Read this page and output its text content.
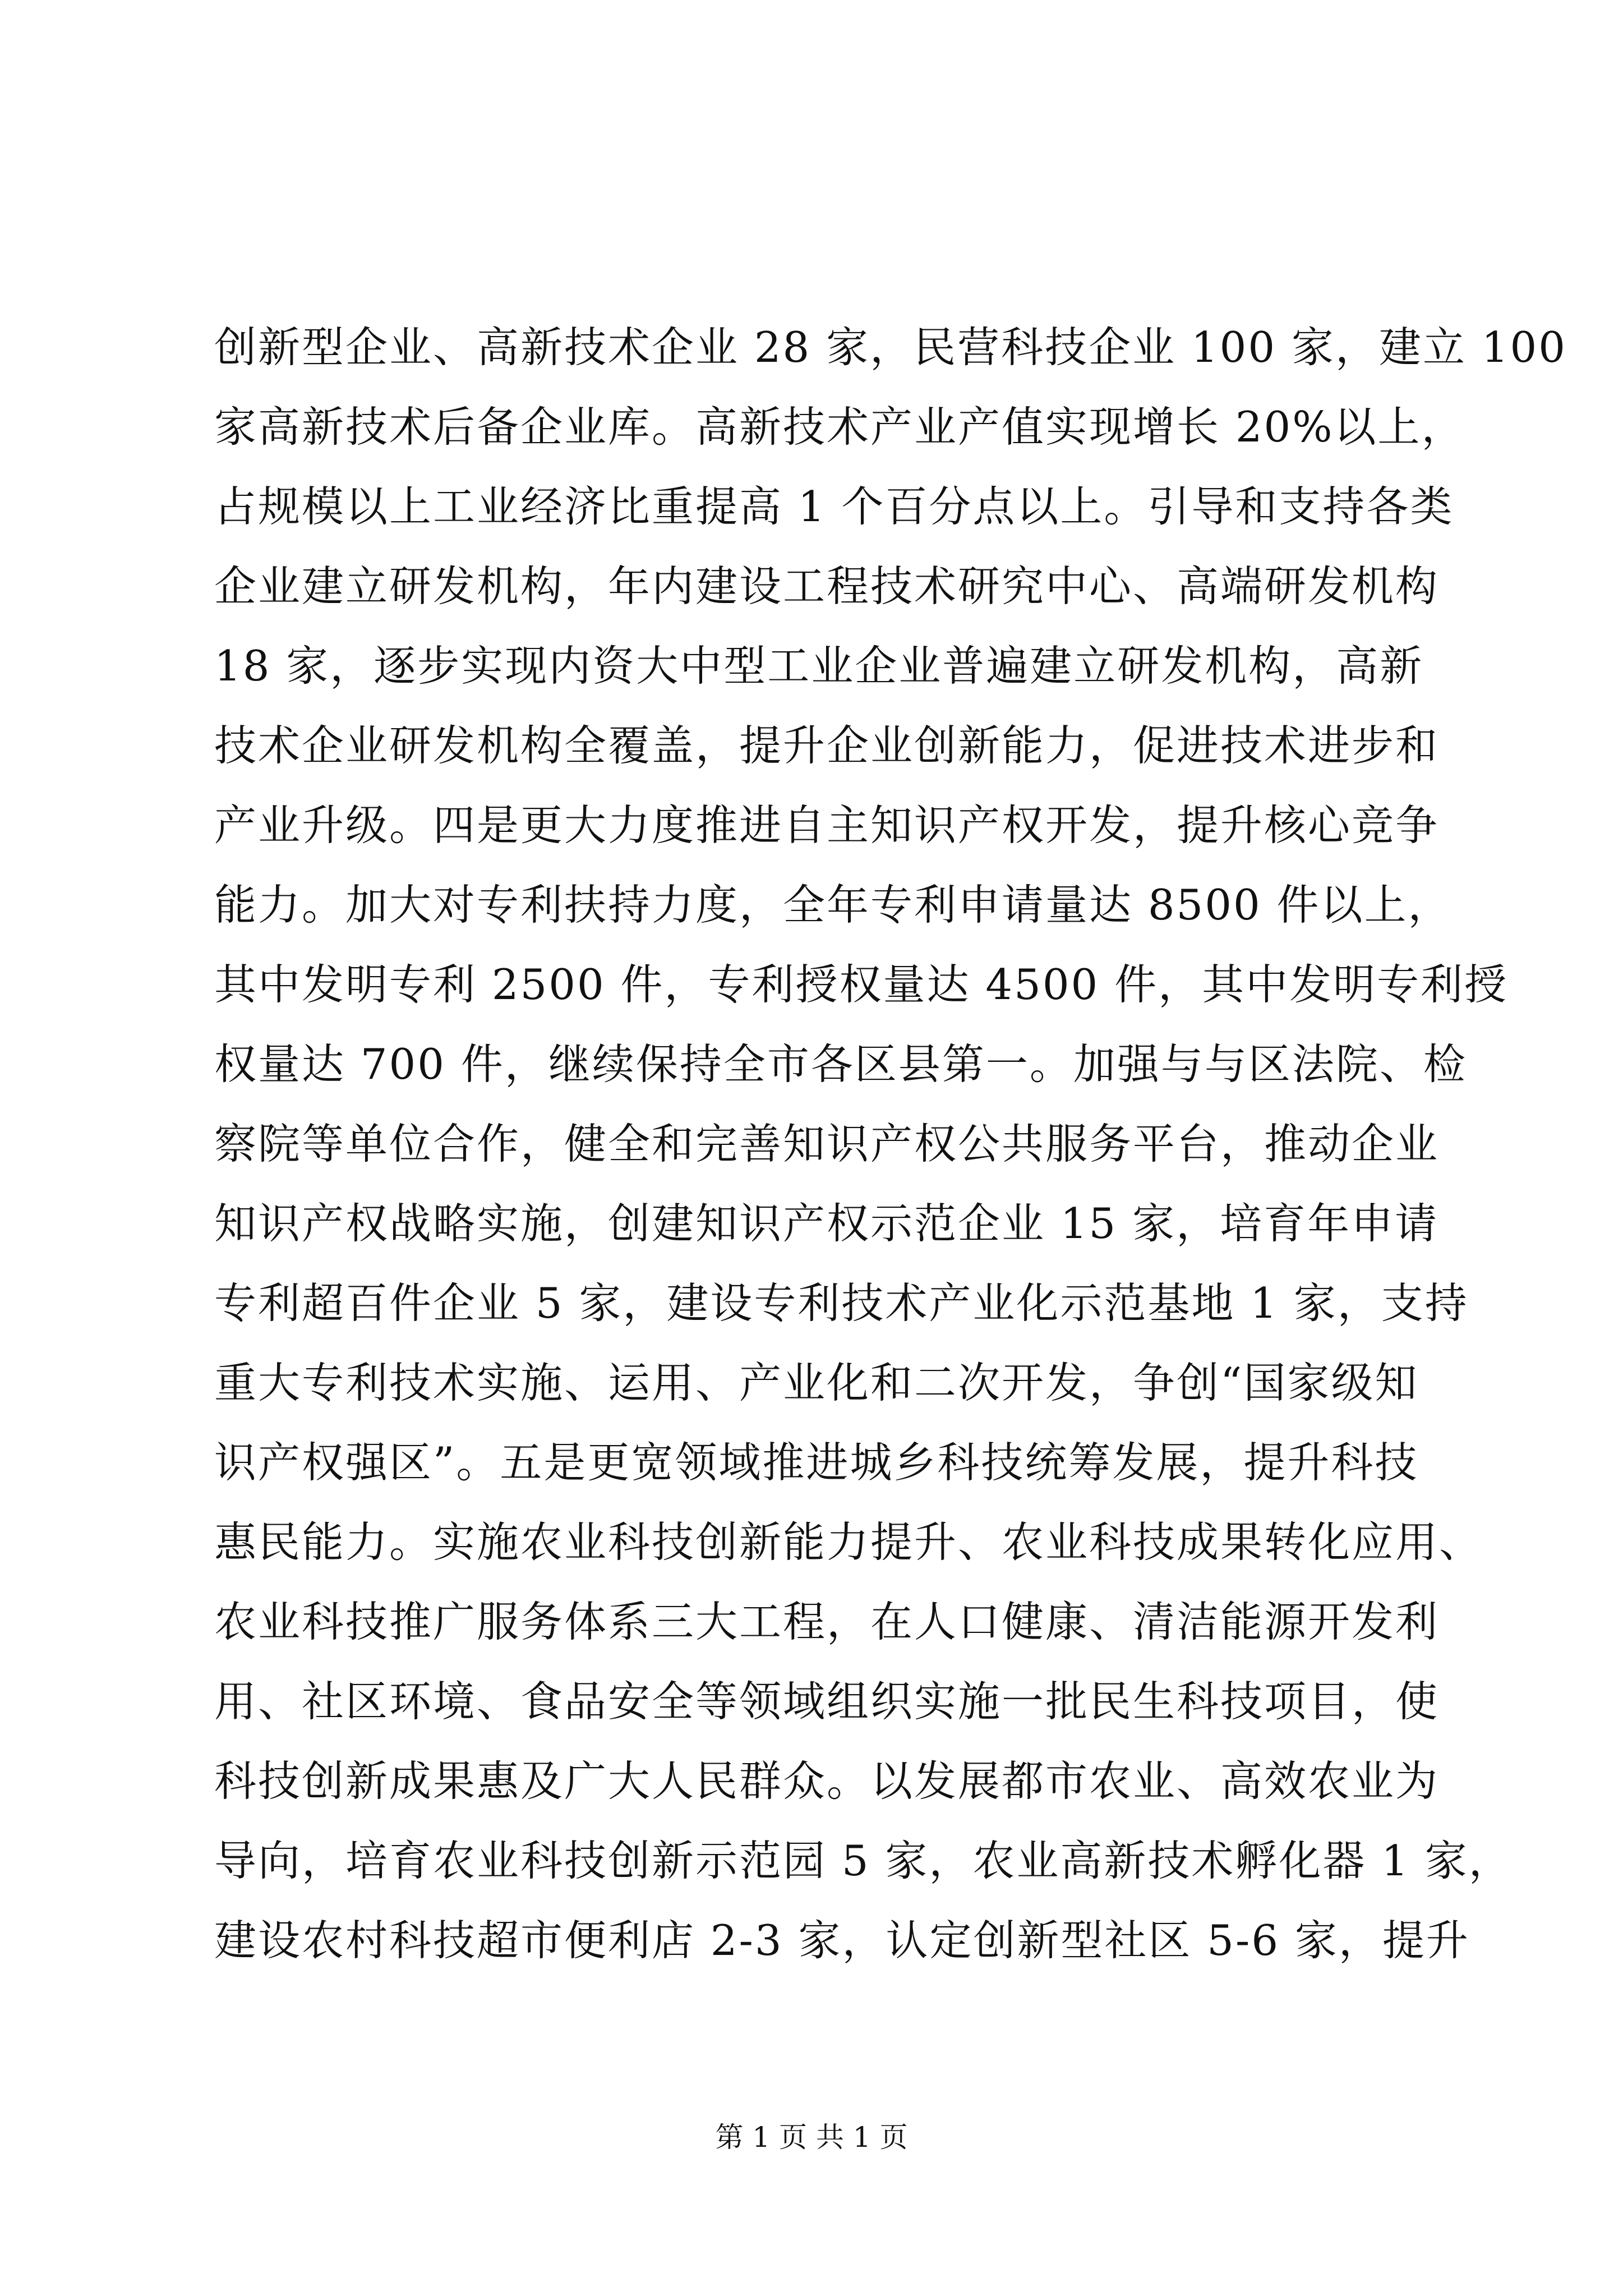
创新型企业、高新技术企业 28 家，民营科技企业 100 家，建立 100
家高新技术后备企业库。高新技术产业产值实现增长 20%以上，
占规模以上工业经济比重提高 1 个百分点以上。引导和支持各类
企业建立研发机构，年内建设工程技术研究中心、高端研发机构
18 家，逐步实现内资大中型工业企业普遍建立研发机构，高新
技术企业研发机构全覆盖，提升企业创新能力，促进技术进步和
产业升级。四是更大力度推进自主知识产权开发，提升核心竞争
能力。加大对专利扶持力度，全年专利申请量达 8500 件以上，
其中发明专利 2500 件，专利授权量达 4500 件，其中发明专利授
权量达 700 件，继续保持全市各区县第一。加强与与区法院、检
察院等单位合作，健全和完善知识产权公共服务平台，推动企业
知识产权战略实施，创建知识产权示范企业 15 家，培育年申请
专利超百件企业 5 家，建设专利技术产业化示范基地 1 家，支持
重大专利技术实施、运用、产业化和二次开发，争创“国家级知
识产权强区”。五是更宽领域推进城乡科技统筹发展，提升科技
惠民能力。实施农业科技创新能力提升、农业科技成果转化应用、
农业科技推广服务体系三大工程，在人口健康、清洁能源开发利
用、社区环境、食品安全等领域组织实施一批民生科技项目，使
科技创新成果惠及广大人民群众。以发展都市农业、高效农业为
导向，培育农业科技创新示范园 5 家，农业高新技术孵化器 1 家，
建设农村科技超市便利店 2-3 家，认定创新型社区 5-6 家，提升
第 1 页 共 1 页
